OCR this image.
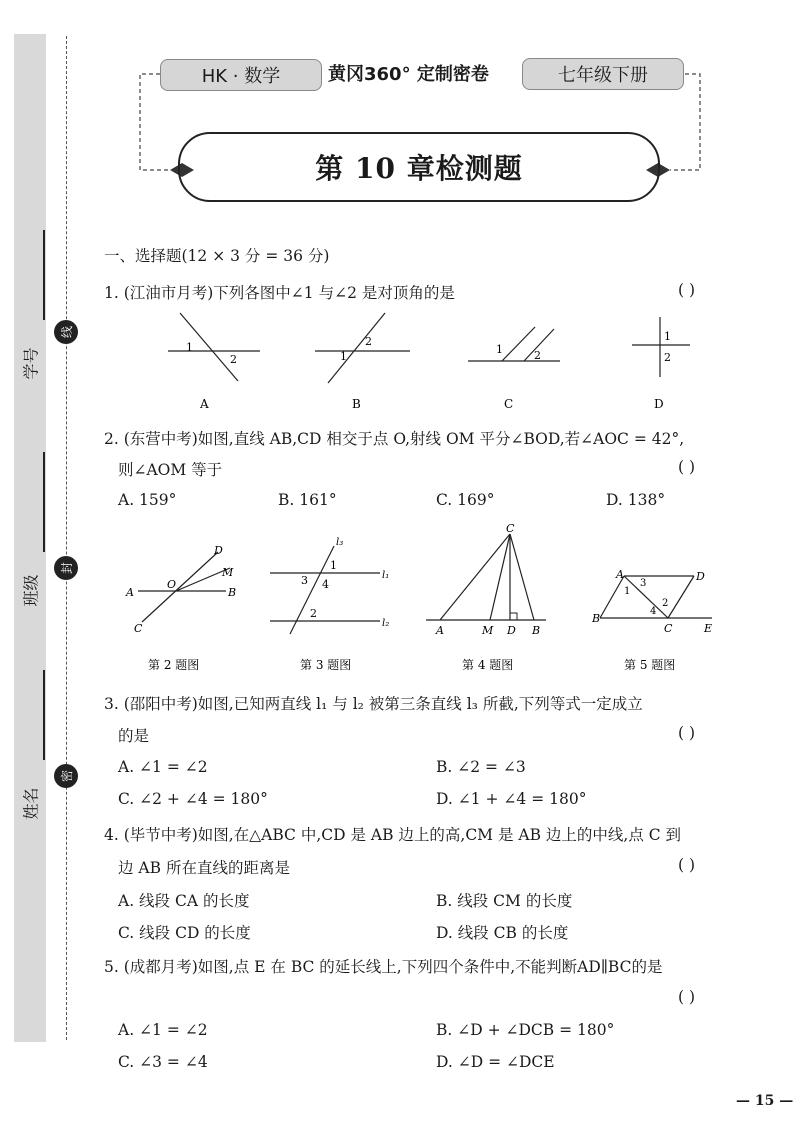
学号
班级
姓名
线
封
密
HK · 数学	黄冈360° 定制密卷	七年级下册
第 10 章检测题
一、选择题(12 × 3 分 = 36 分)
1. (江油市月考)下列各图中∠1 与∠2 是对顶角的是	( )
1
2
A
1
2
B
1	2
C
1
2
D
2. (东营中考)如图,直线 AB,CD 相交于点 O,射线 OM 平分∠BOD,若∠AOC = 42°,
则∠AOM 等于	( )
A. 159°	B. 161°	C. 169°	D. 138°
A	B
C
D
M
O
第 2 题图
l₃
l₁
l₂
1
3 4
2
第 3 题图
A	M D B
C
第 4 题图
A	D
B
C	E
3
1
4
2
第 5 题图
3. (邵阳中考)如图,已知两直线 l₁ 与 l₂ 被第三条直线 l₃ 所截,下列等式一定成立
的是	( )
A. ∠1 = ∠2	B. ∠2 = ∠3
C. ∠2 + ∠4 = 180°	D. ∠1 + ∠4 = 180°
4. (毕节中考)如图,在△ABC 中,CD 是 AB 边上的高,CM 是 AB 边上的中线,点 C 到
边 AB 所在直线的距离是	( )
A. 线段 CA 的长度	B. 线段 CM 的长度
C. 线段 CD 的长度	D. 线段 CB 的长度
5. (成都月考)如图,点 E 在 BC 的延长线上,下列四个条件中,不能判断AD∥BC的是
( )
A. ∠1 = ∠2	B. ∠D + ∠DCB = 180°
C. ∠3 = ∠4	D. ∠D = ∠DCE
— 15 —
